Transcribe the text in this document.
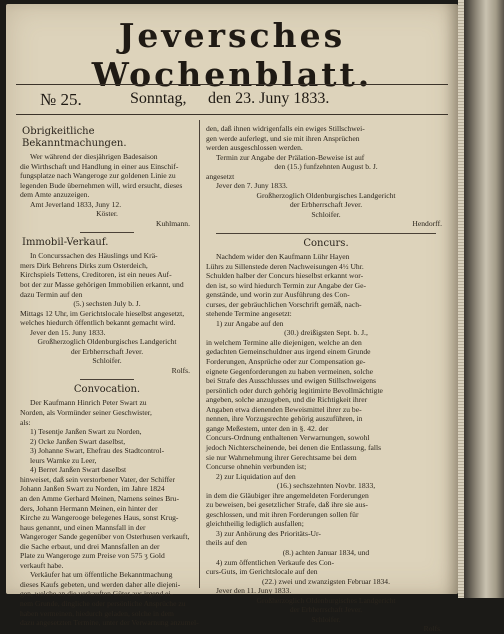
Jeversches Wochenblatt.
№ 25.	Sonntag, den 23. Juny 1833.
Obrigkeitliche Bekanntmachungen.

Wer während der diesjährigen Badesaison

die Wirthschaft und Handlung in einer aus Einschif-

fungsplatze nach Wangeroge zur goldenen Linie zu

legenden Bude übernehmen will, wird ersucht, dieses

dem Amte anzuzeigen.

Amt Jeverland 1833, Juny 12.

Köster.

Kuhlmann.

Immobil-Verkauf.

In Concurssachen des Häuslings und Krä-

mers Dirk Behrens Dirks zum Osterdeich,

Kirchspiels Tettens, Creditoren, ist ein neues Auf-

bot der zur Masse gehörigen Immobilien erkannt, und

dazu Termin auf den

(5.) sechsten July b. J.

Mittags 12 Uhr, im Gerichtslocale hieselbst angesetzt,

welches hiedurch öffentlich bekannt gemacht wird.

Jever den 15. Juny 1833.

Großherzoglich Oldenburgisches Landgericht

der Erbherrschaft Jever.

Schloifer.

Rolfs.

Convocation.

Der Kaufmann Hinrich Peter Swart zu

Norden, als Vormünder seiner Geschwister,

als:

1) Tesentje Janßen Swart zu Norden,

2) Ocke Janßen Swart daselbst,

3) Johanne Swart, Ehefrau des Stadtcontrol-

leurs Warnke zu Leer,

4) Berret Janßen Swart daselbst

hinweiset, daß sein verstorbener Vater, der Schiffer

Johann Janßen Swart zu Norden, im Jahre 1824

an den Amme Gerhard Meinen, Namens seines Bru-

ders, Johann Hermann Meinen, ein hinter der

Kirche zu Wangerooge belegenes Haus, sonst Krug-

haus genannt, und einen Mannsfall in der

Wangeroger Sande gegenüber von Osterhusen verkauft,

die Sache erbaut, und drei Mannsfallen an der

Plate zu Wangeroge zum Preise von 575 ʒ Gold

verkauft habe.

Verkäufer hat um öffentliche Bekanntmachung

dieses Kaufs gebeten, und werden daher alle diejeni-

gen, welche an die verkauften Güter aus irgend ei-

nem Grunde, dingliche oder persönliche Ansprüche zu

haben vermeinen, hiedurch geladen, solche in dem

dazu angesetzten Termine, unter der Verwarnung anzumel-

den, daß ihnen widrigenfalls ein ewiges Stillschwei-

gen werde auferlegt, und sie mit ihren Ansprüchen

werden ausgeschlossen werden.

Termin zur Angabe der Prälation-Beweise ist auf

den (15.) funfzehnten August b. J.

angesetzt

Jever den 7. Juny 1833.

Großherzoglich Oldenburgisches Landgericht

der Erbherrschaft Jever.

Schloifer.

Hendorff.

Concurs.

Nachdem wider den Kaufmann Lühr Hayen

Lührs zu Sillenstede deren Nachweisungen 4½ Uhr.

Schulden halber der Concurs hieselbst erkannt wor-

den ist, so wird hiedurch Termin zur Angabe der Ge-

genstände, und worin zur Ausführung des Con-

curses, der gebräuchlichen Vorschrift gemäß, nach-

stehende Termine angesetzt:

1) zur Angabe auf den

(30.) dreißigsten Sept. b. J.,

in welchem Termine alle diejenigen, welche an den

gedachten Gemeinschuldner aus irgend einem Grunde

Forderungen, Ansprüche oder zur Compensation ge-

eignete Gegenforderungen zu haben vermeinen, solche

bei Strafe des Ausschlusses und ewigen Stillschweigens

persönlich oder durch gehörig legitimirte Bevollmächtigte

angeben, solche anzugeben, und die Richtigkeit ihrer

Angaben etwa dienenden Beweismittel ihrer zu be-

nennen, ihre Vorzugsrechte gehörig auszuführen, in

gange Meßestem, unter den in §. 42. der

Concurs-Ordnung enthaltenen Verwarnungen, sowohl

jedoch Nichterscheinende, bei denen die Entlassung, falls

sie nur Wahrnehmung ihrer Gerechtsame bei dem

Concurse ohnehin verbunden ist;

2) zur Liquidation auf den

(16.) sechszehnten Novbr. 1833,

in dem die Gläubiger ihre angemeldeten Forderungen

zu beweisen, bei gesetzlicher Strafe, daß ihre sie aus-

geschlossen, und mit ihren Forderungen sollen für

gleichtheilig lediglich ausfallen;

3) zur Anhörung des Prioritäts-Ur-

theils auf den

(8.) achten Januar 1834, und

4) zum öffentlichen Verkaufe des Con-

curs-Guts, im Gerichtslocale auf den

(22.) zwei und zwanzigsten Februar 1834.

Jever den 11. Juny 1833.

Großherzoglich Oldenburgisches Landgericht

der Erbherrschaft Jever.

Schloifer.

Rolfs.
